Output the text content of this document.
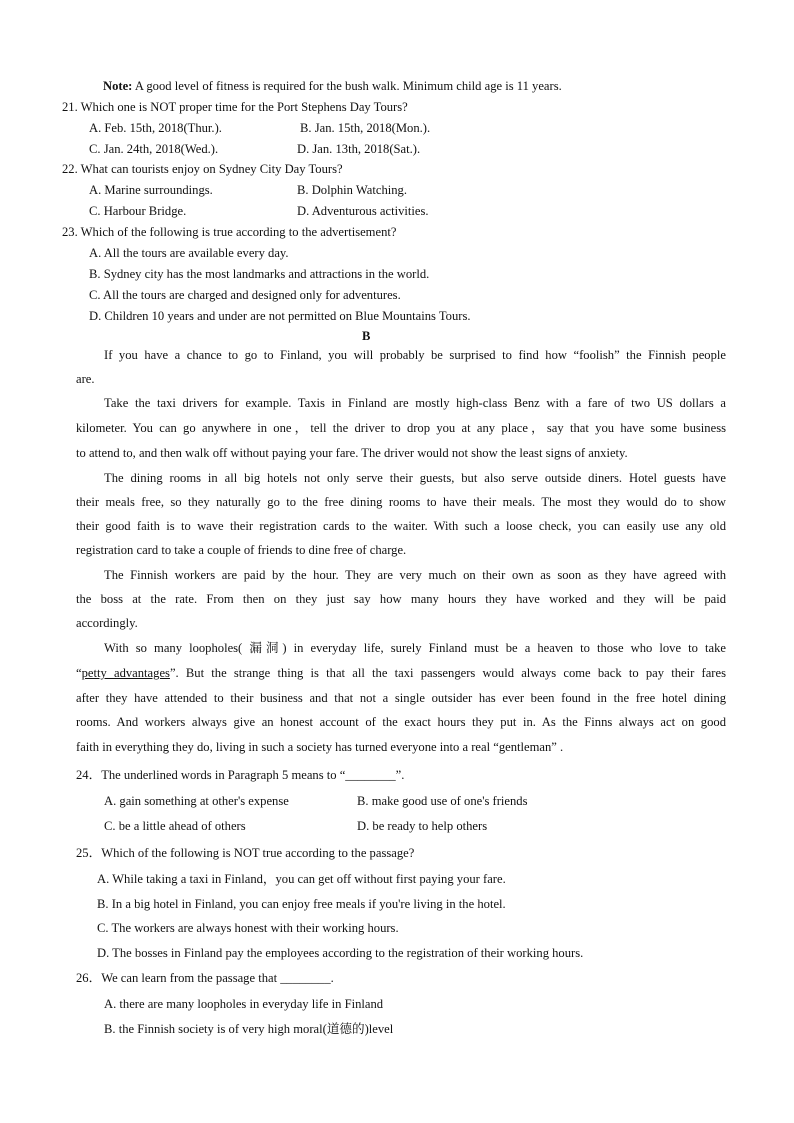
Note: A good level of fitness is required for the bush walk. Minimum child age is 11 years.
21. Which one is NOT proper time for the Port Stephens Day Tours?
A. Feb. 15th, 2018(Thur.).	B. Jan. 15th, 2018(Mon.).
C. Jan. 24th, 2018(Wed.).	D. Jan. 13th, 2018(Sat.).
22. What can tourists enjoy on Sydney City Day Tours?
A. Marine surroundings.	B. Dolphin Watching.
C. Harbour Bridge.	D. Adventurous activities.
23. Which of the following is true according to the advertisement?
A. All the tours are available every day.
B. Sydney city has the most landmarks and attractions in the world.
C. All the tours are charged and designed only for adventures.
D. Children 10 years and under are not permitted on Blue Mountains Tours.
B
If you have a chance to go to Finland, you will probably be surprised to find how “foolish” the Finnish people
are.
Take the taxi drivers for example. Taxis in Finland are mostly high-class Benz with a fare of two US dollars a
kilometer. You can go anywhere in one，tell the driver to drop you at any place，say that you have some business
to attend to, and then walk off without paying your fare. The driver would not show the least signs of anxiety.
The dining rooms in all big hotels not only serve their guests, but also serve outside diners. Hotel guests have
their meals free, so they naturally go to the free dining rooms to have their meals. The most they would do to show
their good faith is to wave their registration cards to the waiter. With such a loose check, you can easily use any old
registration card to take a couple of friends to dine free of charge.
The Finnish workers are paid by the hour. They are very much on their own as soon as they have agreed with
the boss at the rate. From then on they just say how many hours they have worked and they will be paid
accordingly.
With so many loopholes( 漏洞) in everyday life, surely Finland must be a heaven to those who love to take
“petty advantages”. But the strange thing is that all the taxi passengers would always come back to pay their fares
after they have attended to their business and that not a single outsider has ever been found in the free hotel dining
rooms. And workers always give an honest account of the exact hours they put in. As the Finns always act on good
faith in everything they do, living in such a society has turned everyone into a real “gentleman” .
24．The underlined words in Paragraph 5 means to “________”.
A. gain something at other's expense	B. make good use of one's friends
C. be a little ahead of others	D. be ready to help others
25．Which of the following is NOT true according to the passage?
A. While taking a taxi in Finland，you can get off without first paying your fare.
B. In a big hotel in Finland, you can enjoy free meals if you're living in the hotel.
C. The workers are always honest with their working hours.
D. The bosses in Finland pay the employees according to the registration of their working hours.
26．We can learn from the passage that ________.
A. there are many loopholes in everyday life in Finland
B. the Finnish society is of very high moral(道德的)level
